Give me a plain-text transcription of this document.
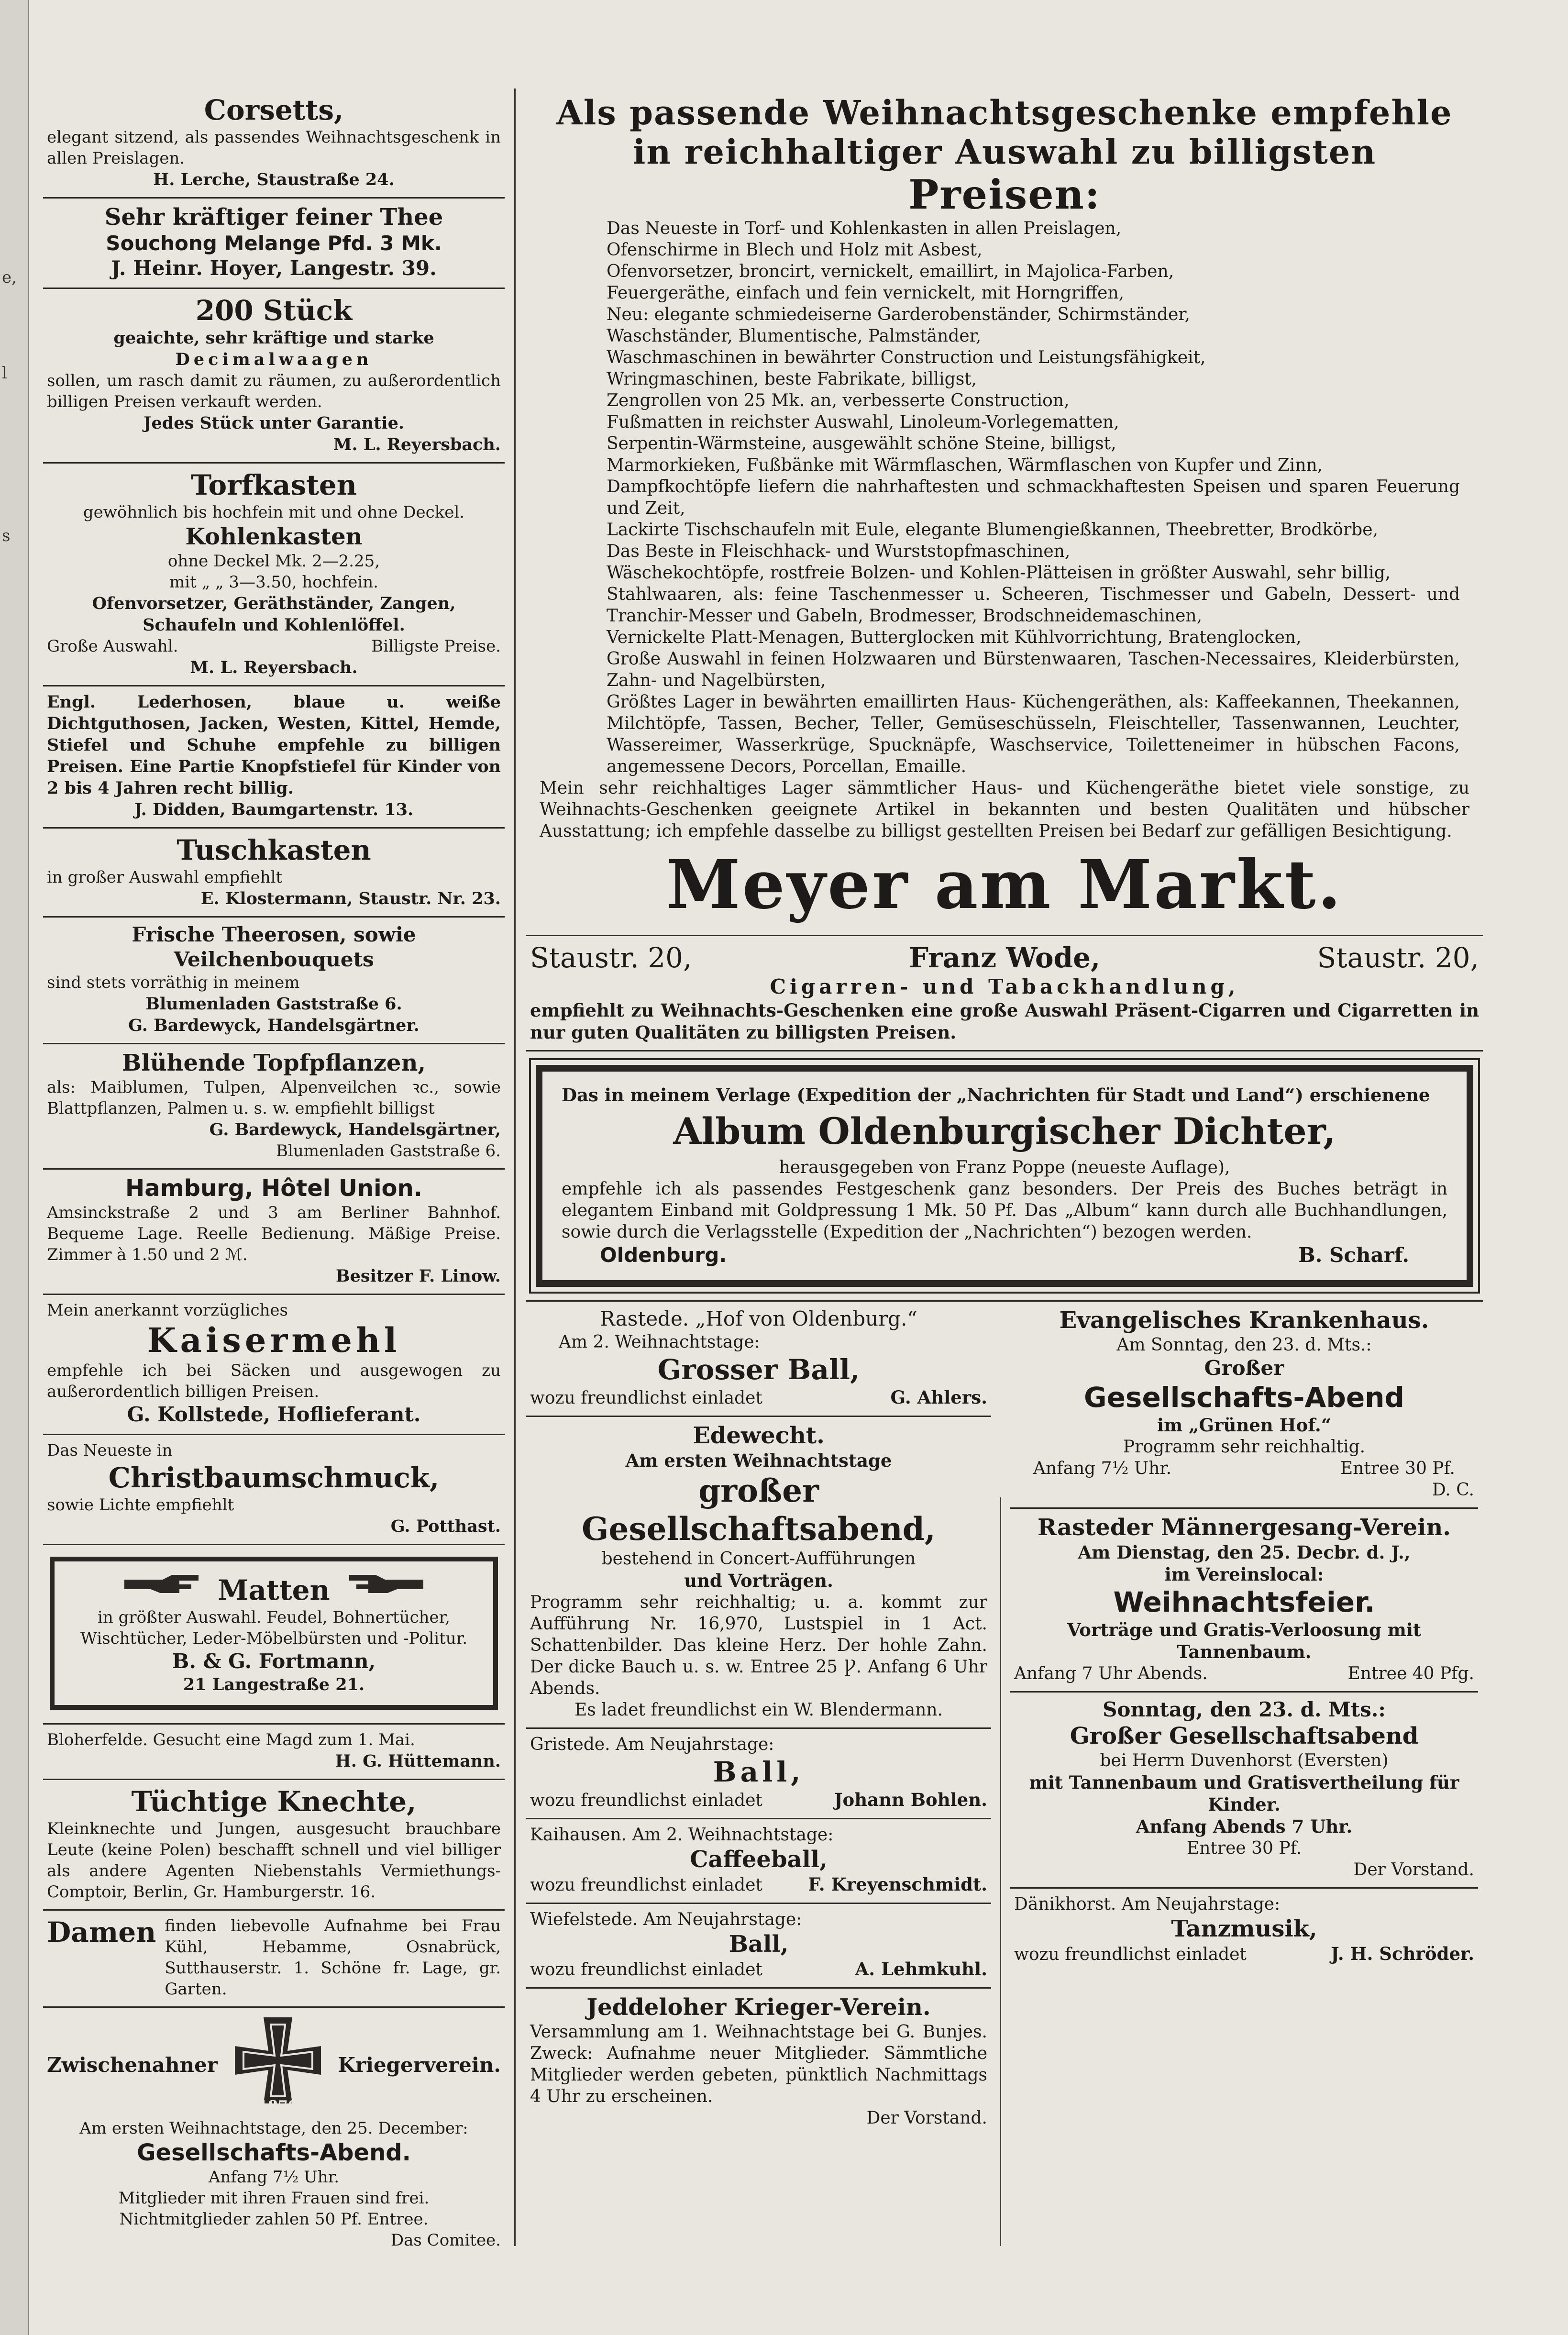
e,
l
s

Corsetts,

elegant sitzend, als passendes Weihnachtsgeschenk in allen Preislagen.

H. Lerche, Staustraße 24.

Sehr kräftiger feiner Thee

Souchong Melange Pfd. 3 Mk.

J. Heinr. Hoyer, Langestr. 39.

200 Stück

geaichte, sehr kräftige und starke

Decimalwaagen

sollen, um rasch damit zu räumen, zu außerordentlich billigen Preisen verkauft werden.

Jedes Stück unter Garantie.

M. L. Reyersbach.

Torfkasten

gewöhnlich bis hochfein mit und ohne Deckel.

Kohlenkasten

ohne Deckel Mk. 2—2.25,

mit „ „ 3—3.50, hochfein.

Ofenvorsetzer, Geräthständer, Zangen, Schaufeln und Kohlenlöffel.

Große Auswahl.	Billigste Preise.

M. L. Reyersbach.

Engl. Lederhosen, blaue u. weiße Dichtguthosen, Jacken, Westen, Kittel, Hemde, Stiefel und Schuhe empfehle zu billigen Preisen. Eine Partie Knopfstiefel für Kinder von 2 bis 4 Jahren recht billig.

J. Didden, Baumgartenstr. 13.

Tuschkasten

in großer Auswahl empfiehlt

E. Klostermann, Staustr. Nr. 23.

Frische Theerosen, sowie Veilchenbouquets

sind stets vorräthig in meinem

Blumenladen Gaststraße 6.

G. Bardewyck, Handelsgärtner.

Blühende Topfpflanzen,

als: Maiblumen, Tulpen, Alpenveilchen ꝛc., sowie Blattpflanzen, Palmen u. s. w. empfiehlt billigst

G. Bardewyck, Handelsgärtner,

Blumenladen Gaststraße 6.

Hamburg, Hôtel Union.

Amsinckstraße 2 und 3 am Berliner Bahnhof. Bequeme Lage. Reelle Bedienung. Mäßige Preise. Zimmer à 1.50 und 2 ℳ.

Besitzer F. Linow.

Mein anerkannt vorzügliches

Kaisermehl

empfehle ich bei Säcken und ausgewogen zu außerordentlich billigen Preisen.

G. Kollstede, Hoflieferant.

Das Neueste in

Christbaumschmuck,

sowie Lichte empfiehlt

G. Potthast.

Matten

in größter Auswahl. Feudel, Bohnertücher, Wischtücher, Leder-Möbelbürsten und -Politur.

B. & G. Fortmann,

21 Langestraße 21.

Bloherfelde. Gesucht eine Magd zum 1. Mai.

H. G. Hüttemann.

Tüchtige Knechte,

Kleinknechte und Jungen, ausgesucht brauchbare Leute (keine Polen) beschafft schnell und viel billiger als andere Agenten Niebenstahls Vermiethungs-Comptoir, Berlin, Gr. Hamburgerstr. 16.

Damen finden liebevolle Aufnahme bei Frau Kühl, Hebamme, Osnabrück, Sutthauserstr. 1. Schöne fr. Lage, gr. Garten.
Zwischenahner
1870
Kriegerverein.

Am ersten Weihnachtstage, den 25. December:

Gesellschafts-Abend.

Anfang 7½ Uhr.

Mitglieder mit ihren Frauen sind frei.

Nichtmitglieder zahlen 50 Pf. Entree.

Das Comitee.

Als passende Weihnachtsgeschenke empfehle

in reichhaltiger Auswahl zu billigsten

Preisen:

Das Neueste in Torf- und Kohlenkasten in allen Preislagen,

Ofenschirme in Blech und Holz mit Asbest,

Ofenvorsetzer, broncirt, vernickelt, emaillirt, in Majolica-Farben,

Feuergeräthe, einfach und fein vernickelt, mit Horngriffen,

Neu: elegante schmiedeiserne Garderobenständer, Schirmständer,

Waschständer, Blumentische, Palmständer,

Waschmaschinen in bewährter Construction und Leistungsfähigkeit,

Wringmaschinen, beste Fabrikate, billigst,

Zengrollen von 25 Mk. an, verbesserte Construction,

Fußmatten in reichster Auswahl, Linoleum-Vorlegematten,

Serpentin-Wärmsteine, ausgewählt schöne Steine, billigst,

Marmorkieken, Fußbänke mit Wärmflaschen, Wärmflaschen von Kupfer und Zinn,

Dampfkochtöpfe liefern die nahrhaftesten und schmackhaftesten Speisen und sparen Feuerung und Zeit,

Lackirte Tischschaufeln mit Eule, elegante Blumengießkannen, Theebretter, Brodkörbe,

Das Beste in Fleischhack- und Wurststopfmaschinen,

Wäschekochtöpfe, rostfreie Bolzen- und Kohlen-Plätteisen in größter Auswahl, sehr billig,

Stahlwaaren, als: feine Taschenmesser u. Scheeren, Tischmesser und Gabeln, Dessert- und Tranchir-Messer und Gabeln, Brodmesser, Brodschneidemaschinen,

Vernickelte Platt-Menagen, Butterglocken mit Kühlvorrichtung, Bratenglocken,

Große Auswahl in feinen Holzwaaren und Bürstenwaaren, Taschen-Necessaires, Kleiderbürsten, Zahn- und Nagelbürsten,

Größtes Lager in bewährten emaillirten Haus- Küchengeräthen, als: Kaffeekannen, Theekannen, Milchtöpfe, Tassen, Becher, Teller, Gemüseschüsseln, Fleischteller, Tassenwannen, Leuchter, Wassereimer, Wasserkrüge, Spucknäpfe, Waschservice, Toiletteneimer in hübschen Facons, angemessene Decors, Porcellan, Emaille.

Mein sehr reichhaltiges Lager sämmtlicher Haus- und Küchengeräthe bietet viele sonstige, zu Weihnachts-Geschenken geeignete Artikel in bekannten und besten Qualitäten und hübscher Ausstattung; ich empfehle dasselbe zu billigst gestellten Preisen bei Bedarf zur gefälligen Besichtigung.

Meyer am Markt.

Staustr. 20,	Franz Wode,	Staustr. 20,

Cigarren- und Tabackhandlung,

empfiehlt zu Weihnachts-Geschenken eine große Auswahl Präsent-Cigarren und Cigarretten in nur guten Qualitäten zu billigsten Preisen.

Das in meinem Verlage (Expedition der „Nachrichten für Stadt und Land“) erschienene

Album Oldenburgischer Dichter,

herausgegeben von Franz Poppe (neueste Auflage),

empfehle ich als passendes Festgeschenk ganz besonders. Der Preis des Buches beträgt in elegantem Einband mit Goldpressung 1 Mk. 50 Pf. Das „Album“ kann durch alle Buchhandlungen, sowie durch die Verlagsstelle (Expedition der „Nachrichten“) bezogen werden.

Oldenburg.	B. Scharf.

Rastede. „Hof von Oldenburg.“

Am 2. Weihnachtstage:

Grosser Ball,

wozu freundlichst einladet	G. Ahlers.

Edewecht.

Am ersten Weihnachtstage

großer Gesellschaftsabend,

bestehend in Concert-Aufführungen

und Vorträgen.

Programm sehr reichhaltig; u. a. kommt zur Aufführung Nr. 16,970, Lustspiel in 1 Act. Schattenbilder. Das kleine Herz. Der hohle Zahn. Der dicke Bauch u. s. w. Entree 25 Ꝩ. Anfang 6 Uhr Abends.

Es ladet freundlichst ein W. Blendermann.

Gristede. Am Neujahrstage:

Ball,

wozu freundlichst einladet	Johann Bohlen.

Kaihausen. Am 2. Weihnachtstage:

Caffeeball,

wozu freundlichst einladet	F. Kreyenschmidt.

Wiefelstede. Am Neujahrstage:

Ball,

wozu freundlichst einladet	A. Lehmkuhl.

Jeddeloher Krieger-Verein.

Versammlung am 1. Weihnachtstage bei G. Bunjes. Zweck: Aufnahme neuer Mitglieder. Sämmtliche Mitglieder werden gebeten, pünktlich Nachmittags 4 Uhr zu erscheinen.

Der Vorstand.

Evangelisches Krankenhaus.

Am Sonntag, den 23. d. Mts.:

Großer

Gesellschafts-Abend

im „Grünen Hof.“

Programm sehr reichhaltig.

Anfang 7½ Uhr.	Entree 30 Pf.

D. C.

Rasteder Männergesang-Verein.

Am Dienstag, den 25. Decbr. d. J.,

im Vereinslocal:

Weihnachtsfeier.

Vorträge und Gratis-Verloosung mit Tannenbaum.

Anfang 7 Uhr Abends.	Entree 40 Pfg.

Sonntag, den 23. d. Mts.:

Großer Gesellschaftsabend

bei Herrn Duvenhorst (Eversten)

mit Tannenbaum und Gratisvertheilung für Kinder.

Anfang Abends 7 Uhr.

Entree 30 Pf.

Der Vorstand.

Dänikhorst. Am Neujahrstage:

Tanzmusik,

wozu freundlichst einladet	J. H. Schröder.
